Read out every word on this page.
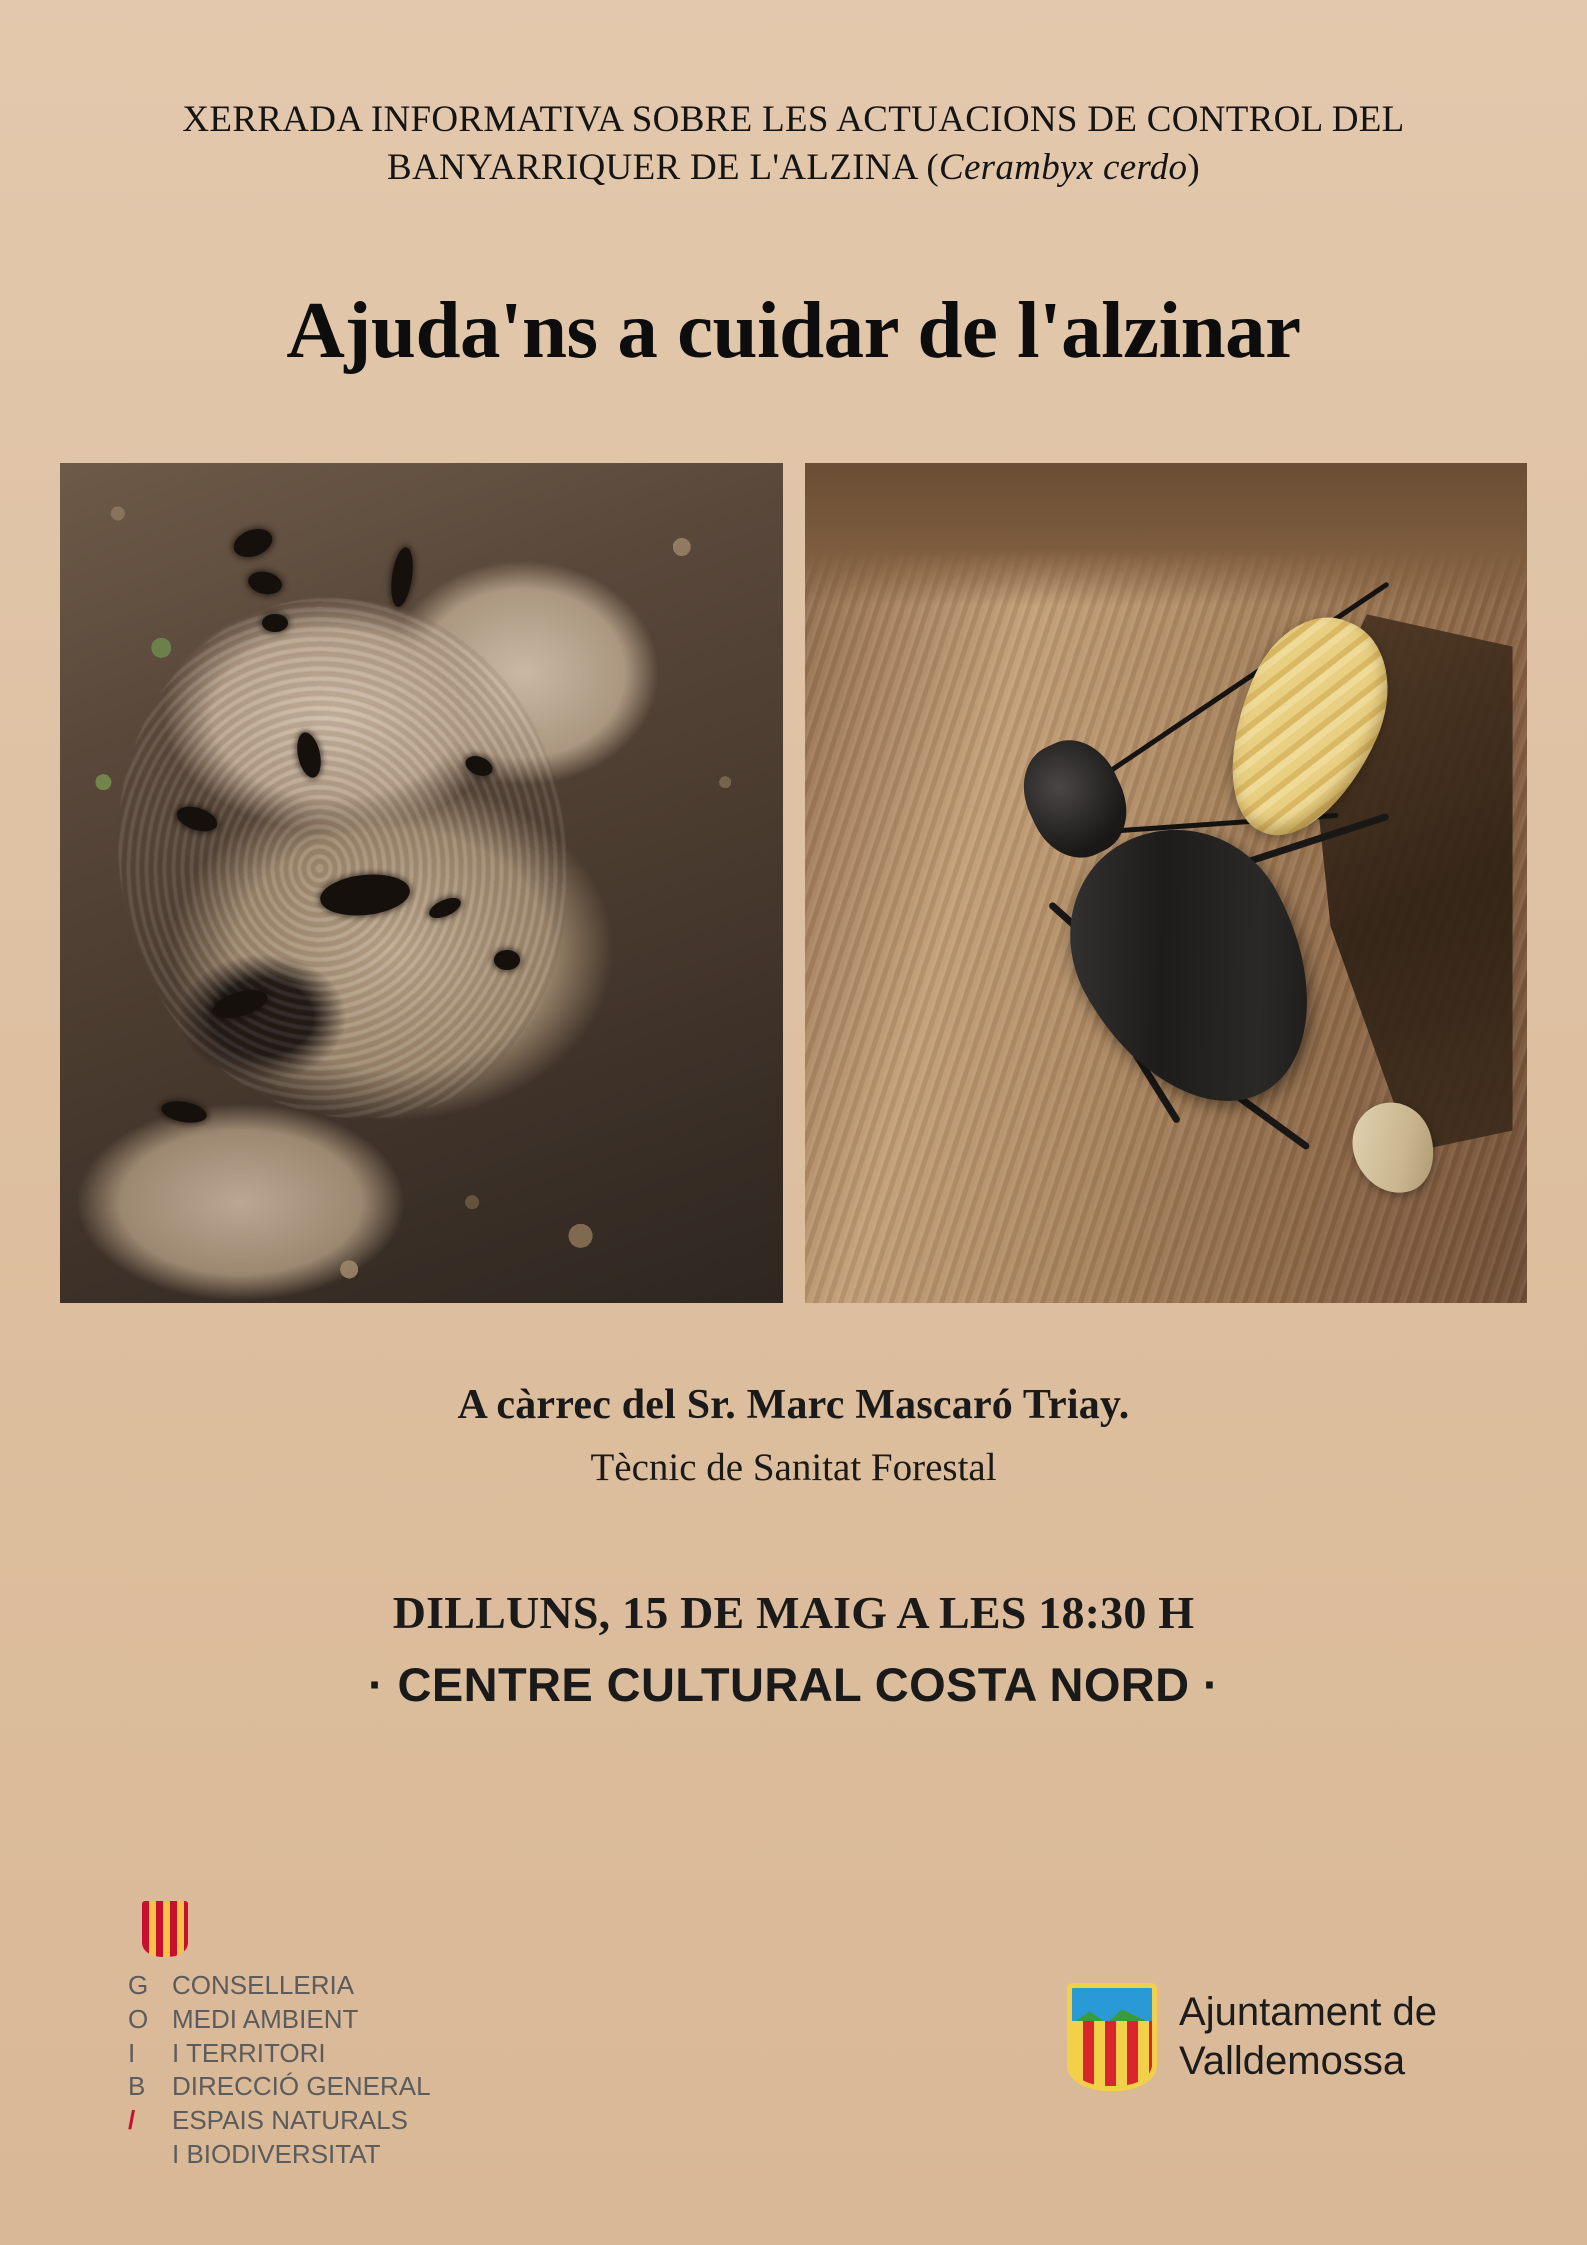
XERRADA INFORMATIVA SOBRE LES ACTUACIONS DE CONTROL DEL
BANYARRIQUER DE L'ALZINA (Cerambyx cerdo)
Ajuda'ns a cuidar de l'alzinar
A càrrec del Sr. Marc Mascaró Triay.
Tècnic de Sanitat Forestal
DILLUNS, 15 DE MAIG A LES 18:30 H
· CENTRE CULTURAL COSTA NORD ·
G
O
I
B
/
CONSELLERIA
MEDI AMBIENT
I TERRITORI
DIRECCIÓ GENERAL
ESPAIS NATURALS
I BIODIVERSITAT
Ajuntament de
Valldemossa
